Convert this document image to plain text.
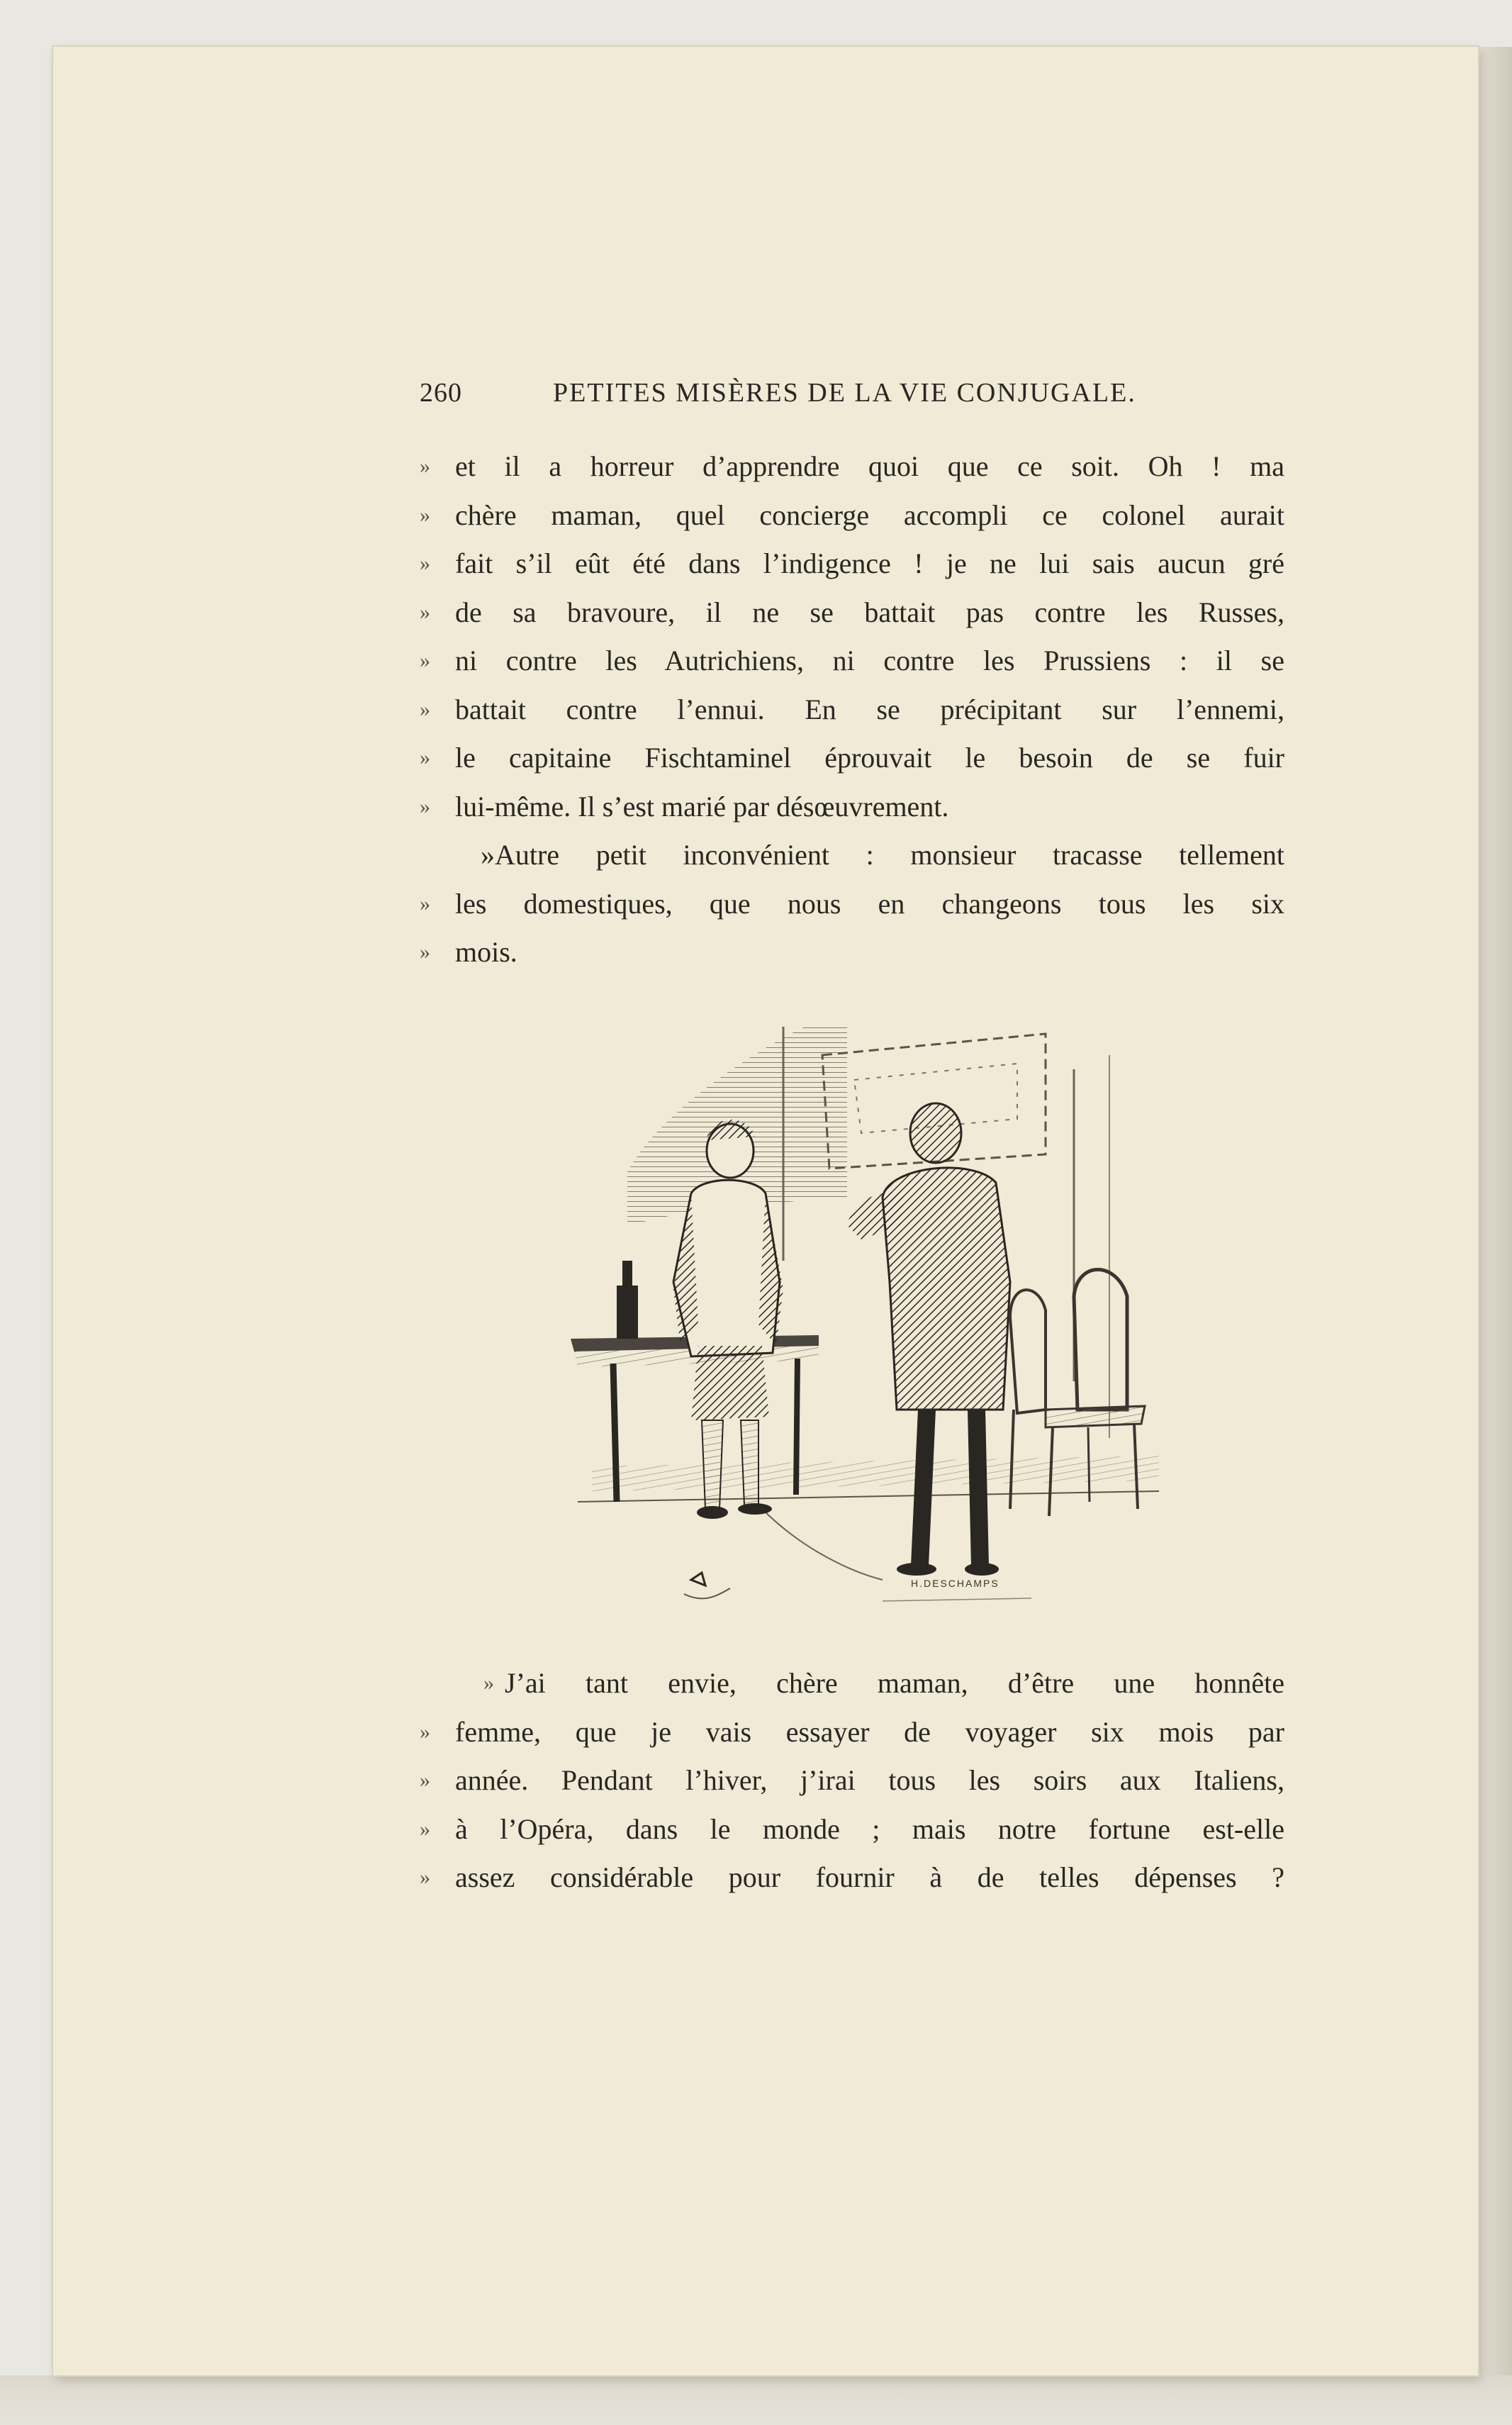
260	PETITES MISÈRES DE LA VIE CONJUGALE.
» et il a horreur d’apprendre quoi que ce soit. Oh ! ma
» chère maman, quel concierge accompli ce colonel aurait
» fait s’il eût été dans l’indigence ! je ne lui sais aucun gré
» de sa bravoure, il ne se battait pas contre les Russes,
» ni contre les Autrichiens, ni contre les Prussiens : il se
» battait contre l’ennui. En se précipitant sur l’ennemi,
» le capitaine Fischtaminel éprouvait le besoin de se fuir
» lui-même. Il s’est marié par désœuvrement.
»Autre petit inconvénient : monsieur tracasse tellement
» les domestiques, que nous en changeons tous les six
» mois.
H.DESCHAMPS
» J’ai tant envie, chère maman, d’être une honnête
» femme, que je vais essayer de voyager six mois par
» année. Pendant l’hiver, j’irai tous les soirs aux Italiens,
» à l’Opéra, dans le monde ; mais notre fortune est-elle
» assez considérable pour fournir à de telles dépenses ?
